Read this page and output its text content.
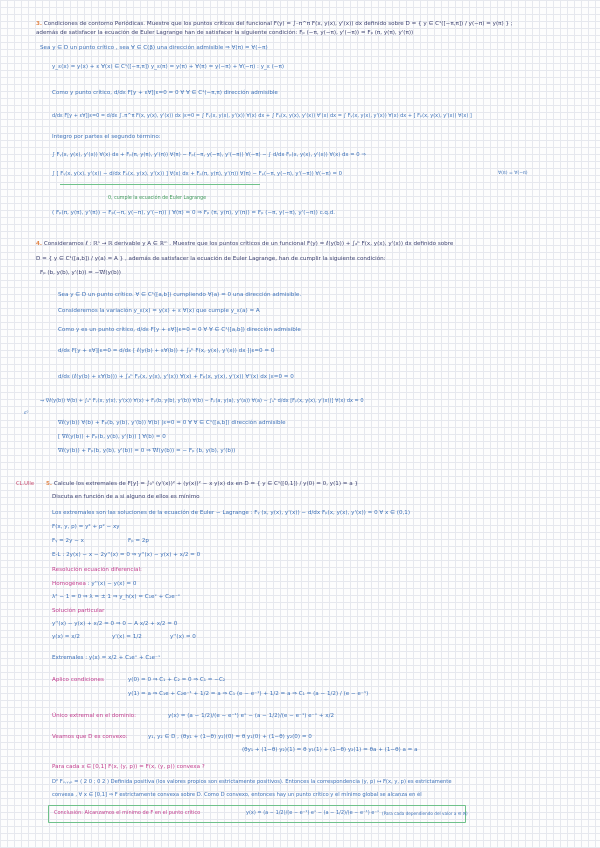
3. Condiciones de contorno Periódicas. Muestre que los puntos críticos del funcional F(y) = ∫₋π^π F(x, y(x), y'(x)) dx definido sobre D = { y ∈ C¹([−π,π]) / y(−π) = y(π) } ;
además de satisfacer la ecuación de Euler Lagrange han de satisfacer la siguiente condición: Fₚ (−π, y(−π), y'(−π)) = Fₚ (π, y(π), y'(π))
Sea y ∈ D un punto crítico , sea ∀ ∈ C(β) una dirección admisible ⇒ ∀(π) = ∀(−π)
y_ε(x) = y(x) + ε ∀(x) ∈ C¹([−π,π]) y_ε(π) = y(π) + ∀(π) = y(−π) + ∀(−π) : y_ε (−π)
Como y punto crítico, d/dε F[y + ε∀]|ε=0 = 0 ∀ ∀ ∈ C¹(−π,π) dirección admisible
d/dε F[y + ε∀]|ε=0 = d/dε ∫₋π^π F(x, y(x), y'(x)) dx |ε=0 = ∫ Fᵧ(x, y(x), y'(x)) ∀(x) dx + ∫ Fₚ(x, y(x), y'(x)) ∀'(x) dx = ∫ Fᵧ(x, y(x), y'(x)) ∀(x) dx + [ Fₚ(x, y(x), y'(x)) ∀(x) ]
Integro por partes el segundo término:
∫ Fᵧ(x, y(x), y'(x)) ∀(x) dx + Fₚ(π, y(π), y'(π)) ∀(π) − Fₚ(−π, y(−π), y'(−π)) ∀(−π) − ∫ d/dx Fₚ(x, y(x), y'(x)) ∀(x) dx = 0 ⇒
∫ [ Fᵧ(x, y(x), y'(x)) − d/dx Fₚ(x, y(x), y'(x)) ] ∀(x) dx + Fₚ(π, y(π), y'(π)) ∀(π) − Fₚ(−π, y(−π), y'(−π)) ∀(−π) = 0	∀(π) = ∀(−π)
0, cumple la ecuación de Euler Lagrange
( Fₚ(π, y(π), y'(π)) − Fₚ(−π, y(−π), y'(−π)) ) ∀(π) = 0 ⇒ Fₚ (π, y(π), y'(π)) = Fₚ (−π, y(−π), y'(−π)) c.q.d.
4. Consideramos ℓ : ℝⁿ → ℝ derivable y A ∈ ℝᵐ . Muestre que los puntos críticos de un funcional F(y) = ℓ(y(b)) + ∫ₐᵇ F(x, y(x), y'(x)) dx definido sobre
D = { y ∈ C¹([a,b]) / y(a) = A } , además de satisfacer la ecuación de Euler Lagrange, han de cumplir la siguiente condición:
Fₚ (b, y(b), y'(b)) = −∇ℓ(y(b))
Sea y ∈ D un punto crítico. ∀ ∈ C¹([a,b]) cumpliendo ∀(a) = 0 una dirección admisible.
Consideremos la variación y_ε(x) = y(x) + ε ∀(x) que cumple y_ε(a) = A
Como y es un punto crítico, d/dε F[y + ε∀]|ε=0 = 0 ∀ ∀ ∈ C¹([a,b]) dirección admisible
d/dε F[y + ε∀]|ε=0 = d/dε [ ℓ(y(b) + ε∀(b)) + ∫ₐᵇ F(x, y(x), y'(x)) dx ]|ε=0 = 0
d/dε (ℓ(y(b) + ε∀(b))) + ∫ₐᵇ Fᵧ(x, y(x), y'(x)) ∀(x) + Fₚ(x, y(x), y'(x)) ∀'(x) dx |ε=0 = 0
⇒ ∇ℓ(y(b)) ∀(b) + ∫ₐᵇ Fᵧ(x, y(x), y'(x)) ∀(x) + Fₚ(b, y(b), y'(b)) ∀(b) − Fₚ(a, y(a), y'(a)) ∀(a) − ∫ₐᵇ d/dx [Fₚ(x, y(x), y'(x))] ∀(x) dx = 0
ε⁰
∇ℓ(y(b)) ∀(b) + Fₚ(b, y(b), y'(b)) ∀(b) |ε=0 = 0 ∀ ∀ ∈ C¹([a,b]) dirección admisible
[ ∇ℓ(y(b)) + Fₚ(b, y(b), y'(b)) ] ∀(b) = 0
∇ℓ(y(b)) + Fₚ(b, y(b), y'(b)) = 0 ⇒ ∇ℓ(y(b)) = − Fₚ (b, y(b), y'(b))
CL.Ulle 5. Calcule los extremales de F[y] = ∫₀¹ (y'(x))² + (y(x))² − x y(x) dx en D = { y ∈ C¹([0,1]) / y(0) = 0, y(1) = a }
Discuta en función de a si alguno de ellos es mínimo
Los extremales son las soluciones de la ecuación de Euler − Lagrange : Fᵧ (x, y(x), y'(x)) − d/dx Fₚ(x, y(x), y'(x)) = 0 ∀ x ∈ (0,1)
F(x, y, p) = y² + p² − xy
Fᵧ = 2y − x	Fₚ = 2p
E-L : 2y(x) − x − 2y''(x) = 0 ⇒ y''(x) − y(x) + x/2 = 0
Resolución ecuación diferencial:
Homogénea : y''(x) − y(x) = 0
λ² − 1 = 0 ⇒ λ = ± 1 ⇒ y_h(x) = C₁eˣ + C₂e⁻ˣ
Solución particular
y''(x) − y(x) + x/2 = 0 ⇒ 0 − A x/2 + x/2 = 0
y(x) = x/2	y'(x) = 1/2	y''(x) = 0
Extremales : y(x) = x/2 + C₁eˣ + C₂e⁻ˣ
Aplico condiciones	y(0) = 0 ⇒ C₁ + C₂ = 0 ⇒ C₁ = −C₂
y(1) = a ⇒ C₁e + C₂e⁻¹ + 1/2 = a ⇒ C₁ (e − e⁻¹) + 1/2 = a ⇒ C₁ = (a − 1/2) / (e − e⁻¹)
Único extremal en el dominio:	y(x) = (a − 1/2)/(e − e⁻¹) eˣ − (a − 1/2)/(e − e⁻¹) e⁻ˣ + x/2
Veamos que D es convexo:	y₁, y₂ ∈ D , (θy₁ + (1−θ) y₂)(0) = θ y₁(0) + (1−θ) y₂(0) = 0
(θy₁ + (1−θ) y₂)(1) = θ y₁(1) + (1−θ) y₂(1) = θa + (1−θ) a = a
Para cada x ∈ [0,1] F(x, (y, p)) = F(x, (y, p)) convexa ?
D² Fₓ,ᵧ,ₚ = ( 2 0 ; 0 2 ) Definida positiva (los valores propios son estrictamente positivos). Entonces la correspondencia (y, p) ↦ F(x, y, p) es estrictamente
convexa , ∀ x ∈ [0,1] ⇒ F estrictamente convexa sobre D. Como D convexo, entonces hay un punto crítico y el mínimo global se alcanza en él
Conclusión: Alcanzamos el mínimo de F en el punto crítico	y(x) = (a − 1/2)/(e − e⁻¹) eˣ − (a − 1/2)/(e − e⁻¹) e⁻ˣ (Para cada dependiendo del valor a ∈ ℝ)
